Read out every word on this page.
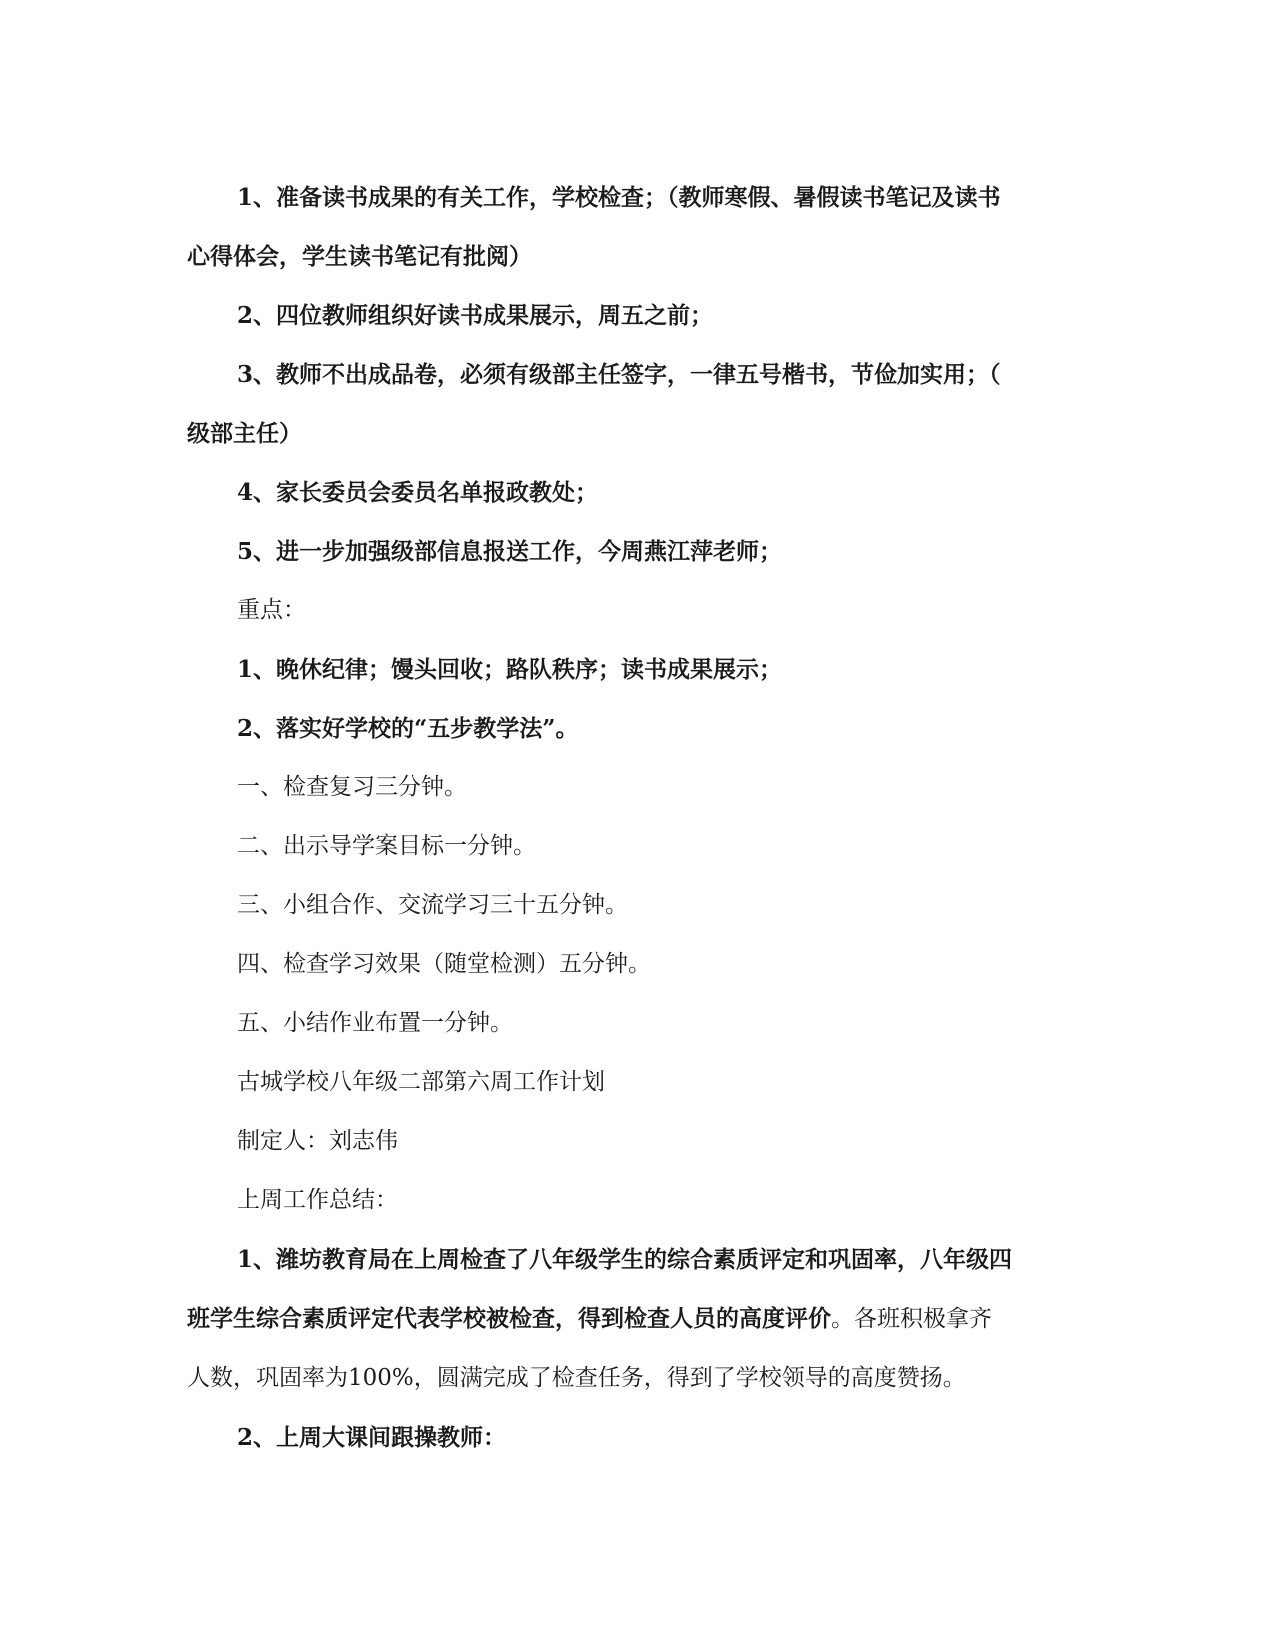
1、准备读书成果的有关工作，学校检查；（教师寒假、暑假读书笔记及读书

心得体会，学生读书笔记有批阅）

2、四位教师组织好读书成果展示，周五之前；

3、教师不出成品卷，必须有级部主任签字，一律五号楷书，节俭加实用；（

级部主任）

4、家长委员会委员名单报政教处；

5、进一步加强级部信息报送工作，今周燕江萍老师；

重点：

1、晚休纪律；馒头回收；路队秩序；读书成果展示；

2、落实好学校的“五步教学法”。

一、检查复习三分钟。

二、出示导学案目标一分钟。

三、小组合作、交流学习三十五分钟。

四、检查学习效果（随堂检测）五分钟。

五、小结作业布置一分钟。

古城学校八年级二部第六周工作计划

制定人：刘志伟

上周工作总结：

1、潍坊教育局在上周检查了八年级学生的综合素质评定和巩固率，八年级四

班学生综合素质评定代表学校被检查，得到检查人员的高度评价。各班积极拿齐

人数，巩固率为100%，圆满完成了检查任务，得到了学校领导的高度赞扬。

2、上周大课间跟操教师：
